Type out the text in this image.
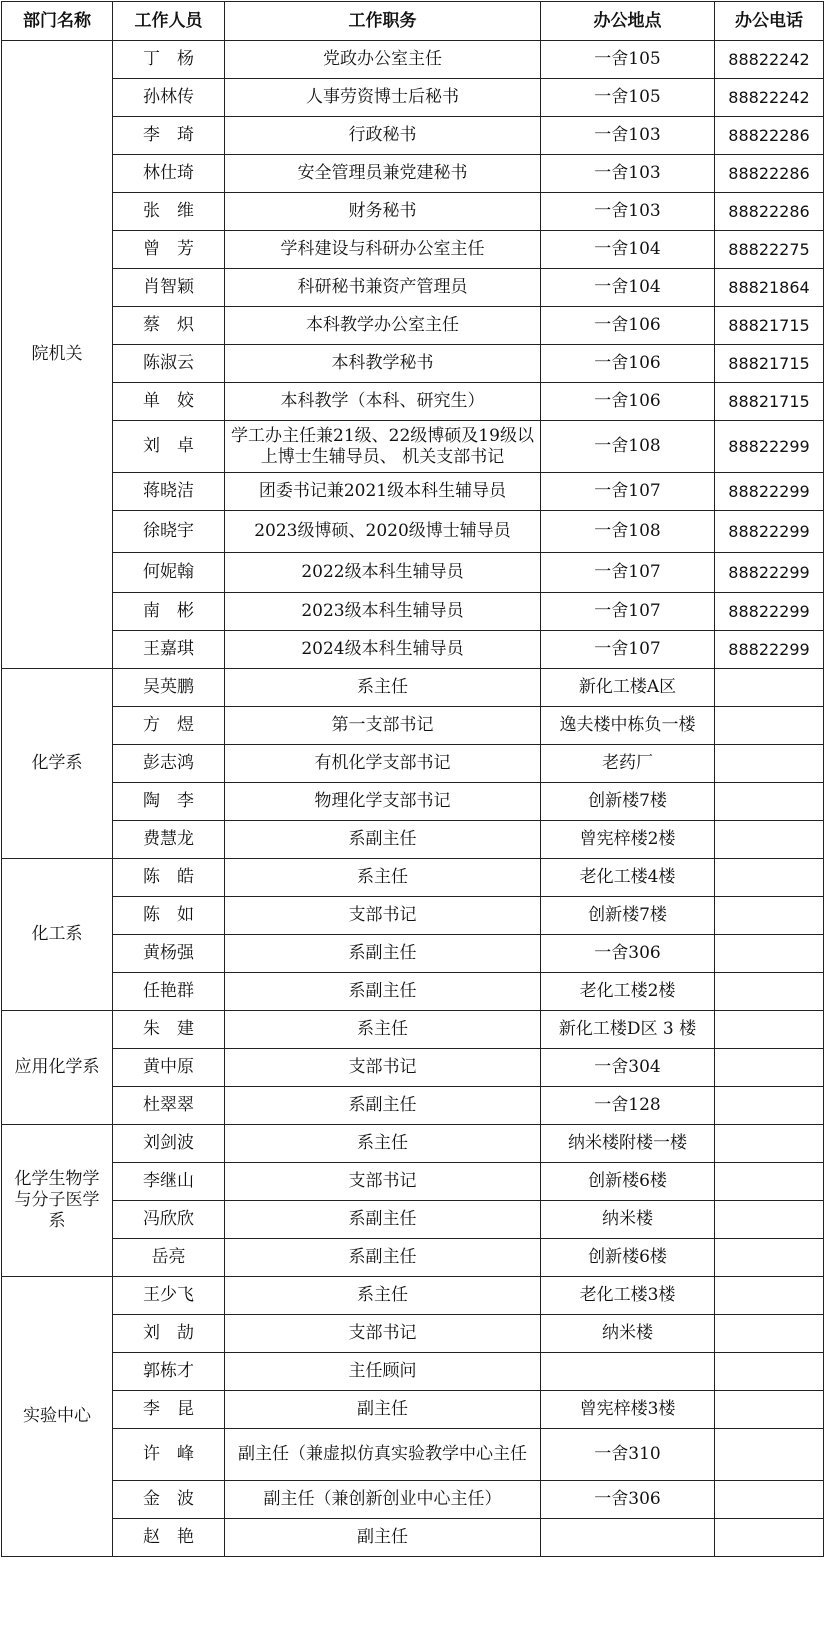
部门名称	工作人员	工作职务	办公地点	办公电话
院机关	丁　杨	党政办公室主任	一舍105	88822242
	孙林传	人事劳资博士后秘书	一舍105	88822242
	李　琦	行政秘书	一舍103	88822286
	林仕琦	安全管理员兼党建秘书	一舍103	88822286
	张　维	财务秘书	一舍103	88822286
	曾　芳	学科建设与科研办公室主任	一舍104	88822275
	肖智颖	科研秘书兼资产管理员	一舍104	88821864
	蔡　炽	本科教学办公室主任	一舍106	88821715
	陈淑云	本科教学秘书	一舍106	88821715
	单　姣	本科教学（本科、研究生）	一舍106	88821715
	刘　卓	学工办主任兼21级、22级博硕及19级以上博士生辅导员、 机关支部书记	一舍108	88822299
	蒋晓洁	团委书记兼2021级本科生辅导员	一舍107	88822299
	徐晓宇	2023级博硕、2020级博士辅导员	一舍108	88822299
	何妮翰	2022级本科生辅导员	一舍107	88822299
	南　彬	2023级本科生辅导员	一舍107	88822299
	王嘉琪	2024级本科生辅导员	一舍107	88822299
化学系	吴英鹏	系主任	新化工楼A区	
	方　煜	第一支部书记	逸夫楼中栋负一楼	
	彭志鸿	有机化学支部书记	老药厂	
	陶　李	物理化学支部书记	创新楼7楼	
	费慧龙	系副主任	曾宪梓楼2楼	
化工系	陈　皓	系主任	老化工楼4楼	
	陈　如	支部书记	创新楼7楼	
	黄杨强	系副主任	一舍306	
	任艳群	系副主任	老化工楼2楼	
应用化学系	朱　建	系主任	新化工楼D区 3 楼	
	黄中原	支部书记	一舍304	
	杜翠翠	系副主任	一舍128	
化学生物学与分子医学系	刘剑波	系主任	纳米楼附楼一楼	
	李继山	支部书记	创新楼6楼	
	冯欣欣	系副主任	纳米楼	
	岳亮	系副主任	创新楼6楼	
实验中心	王少飞	系主任	老化工楼3楼	
	刘　劼	支部书记	纳米楼	
	郭栋才	主任顾问		
	李　昆	副主任	曾宪梓楼3楼	
	许　峰	副主任（兼虚拟仿真实验教学中心主任	一舍310	
	金　波	副主任（兼创新创业中心主任）	一舍306	
	赵　艳	副主任		
